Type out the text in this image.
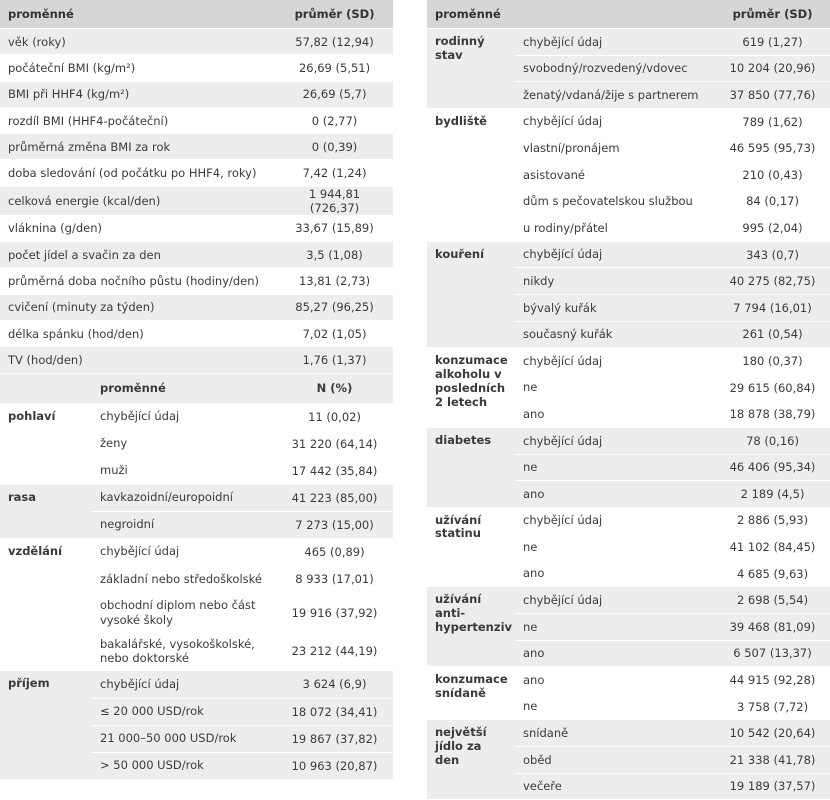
proměnné		průměr (SD)
věk (roky)		57,82 (12,94)
počáteční BMI (kg/m²)		26,69 (5,51)
BMI při HHF4 (kg/m²)		26,69 (5,7)
rozdíl BMI (HHF4-počáteční)		0 (2,77)
průměrná změna BMI za rok		0 (0,39)
doba sledování (od počátku po HHF4, roky)		7,42 (1,24)
celková energie (kcal/den)		1 944,81 (726,37)
vláknina (g/den)		33,67 (15,89)
počet jídel a svačin za den		3,5 (1,08)
průměrná doba nočního půstu (hodiny/den)		13,81 (2,73)
cvičení (minuty za týden)		85,27 (96,25)
délka spánku (hod/den)		7,02 (1,05)
TV (hod/den)		1,76 (1,37)
	proměnné	N (%)
pohlaví	chybějící údaj	11 (0,02)
	ženy	31 220 (64,14)
	muži	17 442 (35,84)
rasa	kavkazoidní/europoidní	41 223 (85,00)
	negroidní	7 273 (15,00)
vzdělání	chybějící údaj	465 (0,89)
	základní nebo středoškolské	8 933 (17,01)
	obchodní diplom nebo část vysoké školy	19 916 (37,92)
	bakalářské, vysokoškolské, nebo doktorské	23 212 (44,19)
příjem	chybějící údaj	3 624 (6,9)
	≤ 20 000 USD/rok	18 072 (34,41)
	21 000–50 000 USD/rok	19 867 (37,82)
	> 50 000 USD/rok	10 963 (20,87)
proměnné		průměr (SD)
rodinný stav	chybějící údaj	619 (1,27)
	svobodný/rozvedený/vdovec	10 204 (20,96)
	ženatý/vdaná/žije s partnerem	37 850 (77,76)
bydliště	chybějící údaj	789 (1,62)
	vlastní/pronájem	46 595 (95,73)
	asistované	210 (0,43)
	dům s pečovatelskou službou	84 (0,17)
	u rodiny/přátel	995 (2,04)
kouření	chybějící údaj	343 (0,7)
	nikdy	40 275 (82,75)
	bývalý kuřák	7 794 (16,01)
	současný kuřák	261 (0,54)
konzumace alkoholu v posledních 2 letech	chybějící údaj	180 (0,37)
	ne	29 615 (60,84)
	ano	18 878 (38,79)
diabetes	chybějící údaj	78 (0,16)
	ne	46 406 (95,34)
	ano	2 189 (4,5)
užívání statinu	chybějící údaj	2 886 (5,93)
	ne	41 102 (84,45)
	ano	4 685 (9,63)
užívání anti-hypertenziv	chybějící údaj	2 698 (5,54)
	ne	39 468 (81,09)
	ano	6 507 (13,37)
konzumace snídaně	ano	44 915 (92,28)
	ne	3 758 (7,72)
největší jídlo za den	snídaně	10 542 (20,64)
	oběd	21 338 (41,78)
	večeře	19 189 (37,57)
